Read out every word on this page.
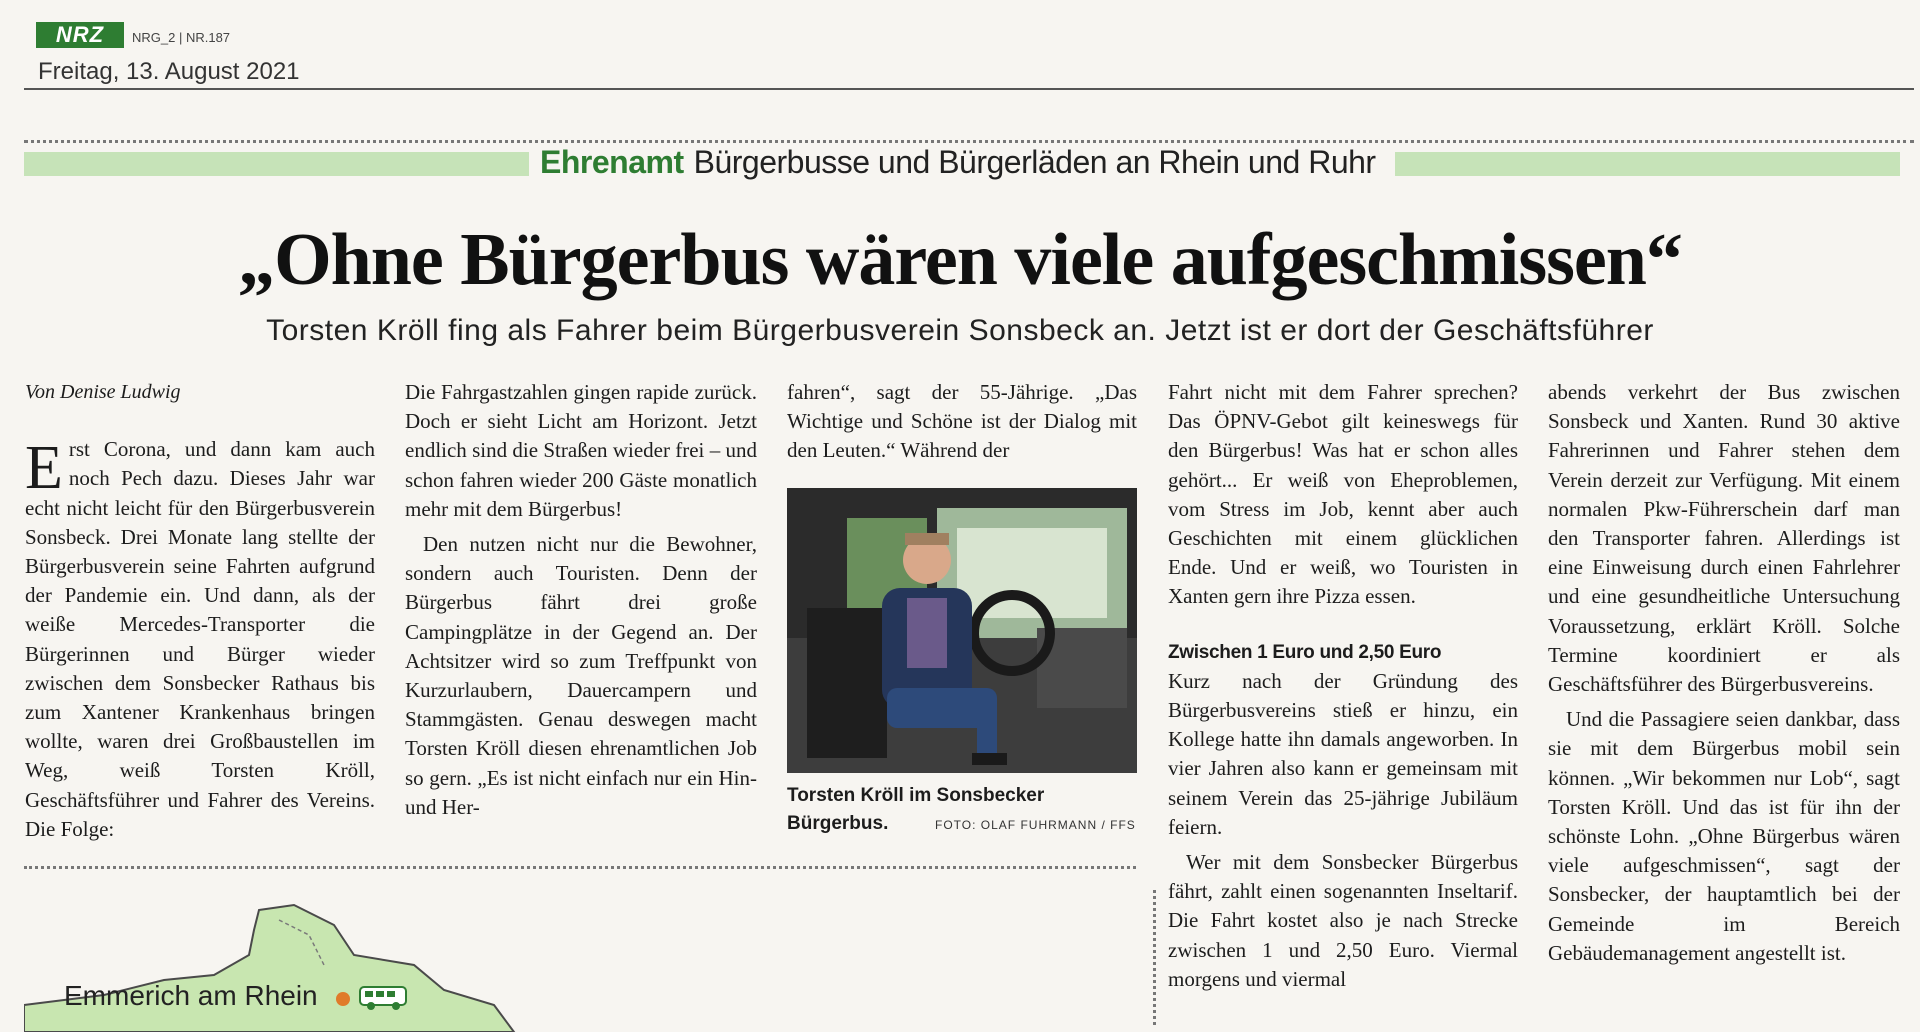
NRZ	NRG_2 | NR.187
Freitag, 13. August 2021
Ehrenamt Bürgerbusse und Bürgerläden an Rhein und Ruhr
„Ohne Bürgerbus wären viele aufgeschmissen“
Torsten Kröll fing als Fahrer beim Bürgerbusverein Sonsbeck an. Jetzt ist er dort der Geschäftsführer

Von Denise Ludwig

Erst Corona, und dann kam auch noch Pech dazu. Dieses Jahr war echt nicht leicht für den Bürgerbusverein Sonsbeck. Drei Monate lang stellte der Bürgerbusverein seine Fahrten aufgrund der Pandemie ein. Und dann, als der weiße Mercedes-Transporter die Bürgerinnen und Bürger wieder zwischen dem Sonsbecker Rathaus bis zum Xantener Krankenhaus bringen wollte, waren drei Großbaustellen im Weg, weiß Torsten Kröll, Geschäftsführer und Fahrer des Vereins. Die Folge:

Die Fahrgastzahlen gingen rapide zurück. Doch er sieht Licht am Horizont. Jetzt endlich sind die Straßen wieder frei – und schon fahren wieder 200 Gäste monatlich mehr mit dem Bürgerbus!

Den nutzen nicht nur die Bewohner, sondern auch Touristen. Denn der Bürgerbus fährt drei große Campingplätze in der Gegend an. Der Achtsitzer wird so zum Treffpunkt von Kurzurlaubern, Dauercampern und Stammgästen. Genau deswegen macht Torsten Kröll diesen ehrenamtlichen Job so gern. „Es ist nicht einfach nur ein Hin- und Her-

fahren“, sagt der 55-Jährige. „Das Wichtige und Schöne ist der Dialog mit den Leuten.“ Während der

Torsten Kröll im Sonsbecker Bürgerbus.	FOTO: OLAF FUHRMANN / FFS

Fahrt nicht mit dem Fahrer sprechen? Das ÖPNV-Gebot gilt keineswegs für den Bürgerbus! Was hat er schon alles gehört... Er weiß von Eheproblemen, vom Stress im Job, kennt aber auch Geschichten mit einem glücklichen Ende. Und er weiß, wo Touristen in Xanten gern ihre Pizza essen.

Zwischen 1 Euro und 2,50 Euro

Kurz nach der Gründung des Bürgerbusvereins stieß er hinzu, ein Kollege hatte ihn damals angeworben. In vier Jahren also kann er gemeinsam mit seinem Verein das 25-jährige Jubiläum feiern.

Wer mit dem Sonsbecker Bürgerbus fährt, zahlt einen sogenannten Inseltarif. Die Fahrt kostet also je nach Strecke zwischen 1 und 2,50 Euro. Viermal morgens und viermal

abends verkehrt der Bus zwischen Sonsbeck und Xanten. Rund 30 aktive Fahrerinnen und Fahrer stehen dem Verein derzeit zur Verfügung. Mit einem normalen Pkw-Führerschein darf man den Transporter fahren. Allerdings ist eine Einweisung durch einen Fahrlehrer und eine gesundheitliche Untersuchung Voraussetzung, erklärt Kröll. Solche Termine koordiniert er als Geschäftsführer des Bürgerbusvereins.

Und die Passagiere seien dankbar, dass sie mit dem Bürgerbus mobil sein können. „Wir bekommen nur Lob“, sagt Torsten Kröll. Und das ist für ihn der schönste Lohn. „Ohne Bürgerbus wären viele aufgeschmissen“, sagt der Sonsbecker, der hauptamtlich bei der Gemeinde im Bereich Gebäudemanagement angestellt ist.

Emmerich am Rhein
